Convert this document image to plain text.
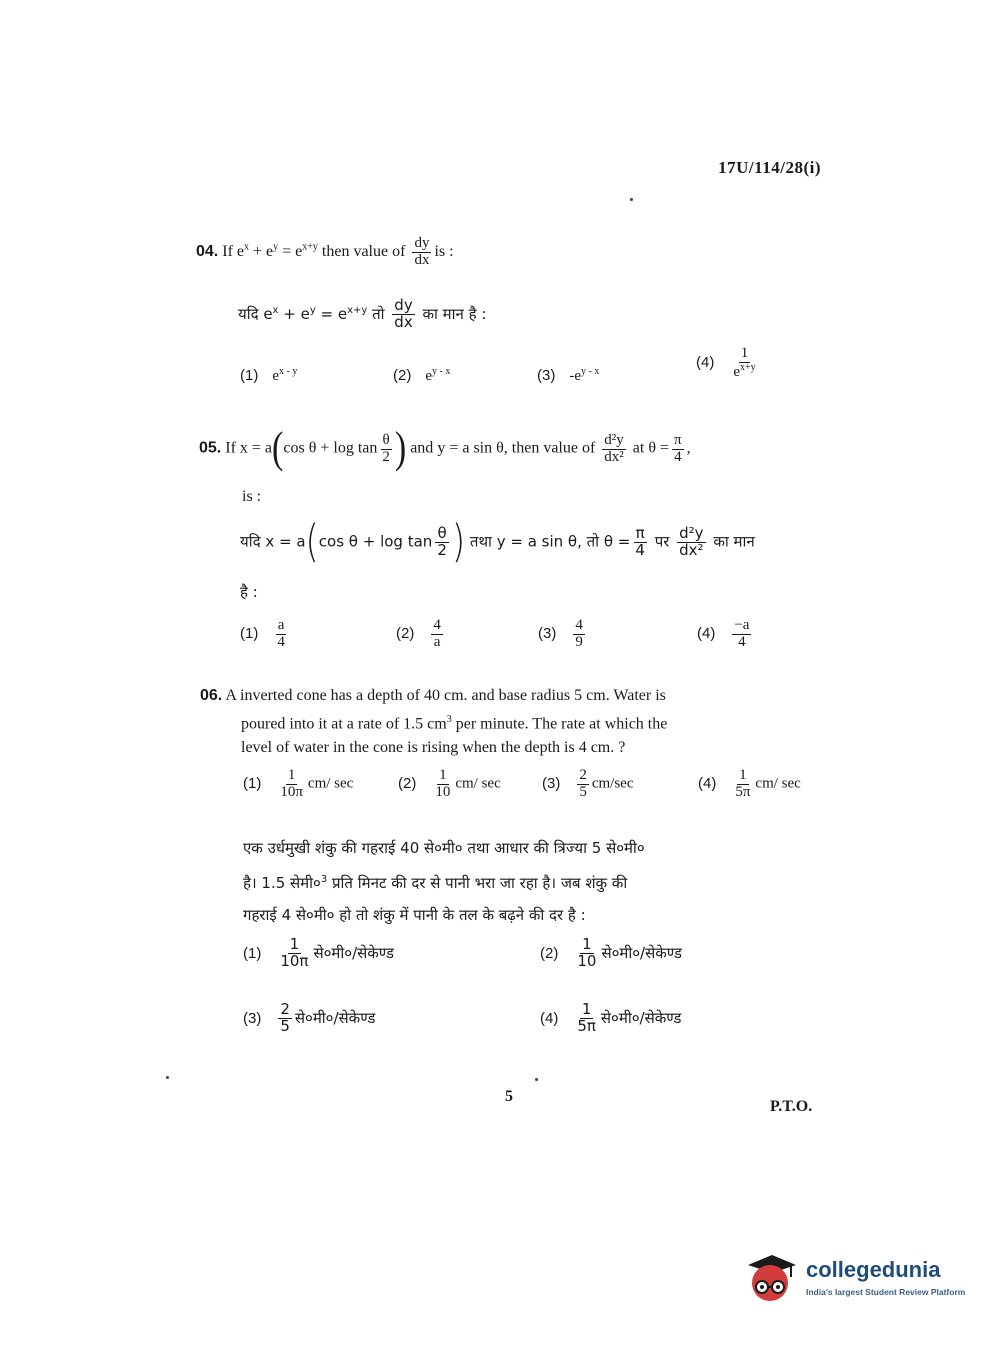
17U/114/28(i)
04. If $e^x + e^y = e^{x+y}$ then value of $\frac{dy}{dx}$ is :
यदि $e^x + e^y = e^{x+y}$ तो $\frac{dy}{dx}$ का मान है :
(1) $e^{x - y}$	(2) $e^{y - x}$	(3) $-e^{y - x}$
$(4) \frac{1}{e^{x+y}}$
05. If x = a(cos $\theta + \log \tan \frac{\theta}{2}$ ) and y = a sin θ, then value of $\frac{\text{d²y}}{\text{dx²}}$ at $\theta = \frac{\pi}{4}$ ,
is :
यदि x = a(cos $\theta + \log \tan \frac{\theta}{2}$ ) तथा y = a sin θ, तो $\theta = \frac{\pi}{4}$ पर $\frac{\text{d²y}}{\text{dx²}}$ का मान
है :
$(1) \frac{a}{4}$	$(2) \frac{4}{a}$	$(3) \frac{4}{9}$	$(4) \frac{-a}{4}$
06. A inverted cone has a depth of 40 cm. and base radius 5 cm. Water is
poured into it at a rate of 1.5 $cm^3$ per minute. The rate at which the
level of water in the cone is rising when the depth is 4 cm. ?
$(1) \frac{1}{10\pi} cm/$ sec	$(2) \frac{1}{10} cm/$ sec	$(3) \frac{2}{5} cm/\sec$	$(4) \frac{1}{5\pi} cm/$ sec
एक उर्धमुखी शंकु की गहराई 40 से०मी० तथा आधार की त्रिज्या 5 से०मी०
है। 1.5 $सेमी०^3$ प्रति मिनट की दर से पानी भरा जा रहा है। जब शंकु की
गहराई 4 से०मी० हो तो शंकु में पानी के तल के बढ़ने की दर है :
$(1) \frac{1}{10\pi}$ से०मी०/सेकेण्ड	$(2) \frac{1}{10}$ से०मी०/सेकेण्ड
$(3) \frac{2}{5}$ से०मी०/सेकेण्ड	$(4) \frac{1}{5\pi}$ से०मी०/सेकेण्ड
5
P.T.O.
collegedunia
India's largest Student Review Platform
